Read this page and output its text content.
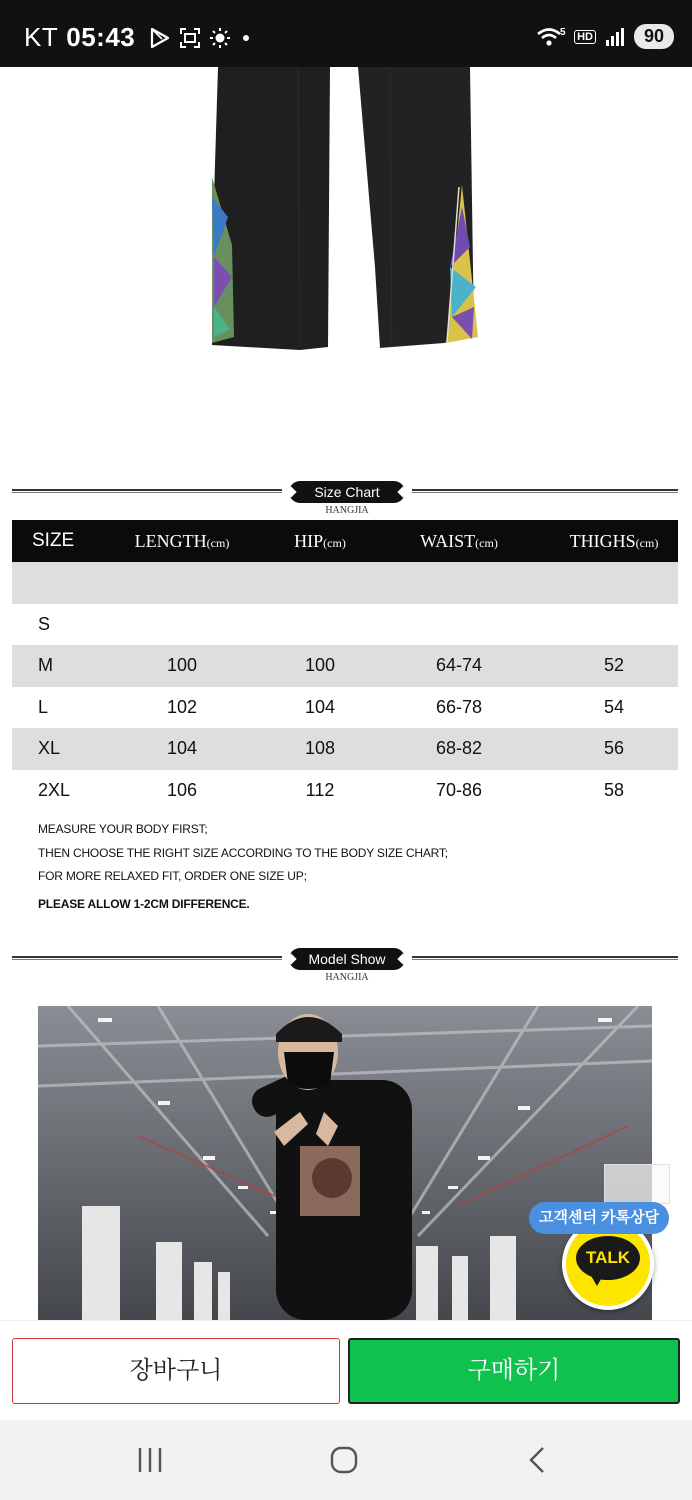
KT 05:43	5 HD	90
Size Chart
HANGJIA
SIZE	LENGTH(cm)	HIP(cm)	WAIST(cm)	THIGHS(cm)
S
M	100	100	64-74	52
L	102	104	66-78	54
XL	104	108	68-82	56
2XL	106	112	70-86	58
MEASURE YOUR BODY FIRST;
THEN CHOOSE THE RIGHT SIZE ACCORDING TO THE BODY SIZE CHART;
FOR MORE RELAXED FIT, ORDER ONE SIZE UP;
PLEASE ALLOW 1-2CM DIFFERENCE.
Model Show
HANGJIA
TALK
고객센터 카톡상담
장바구니	구매하기
